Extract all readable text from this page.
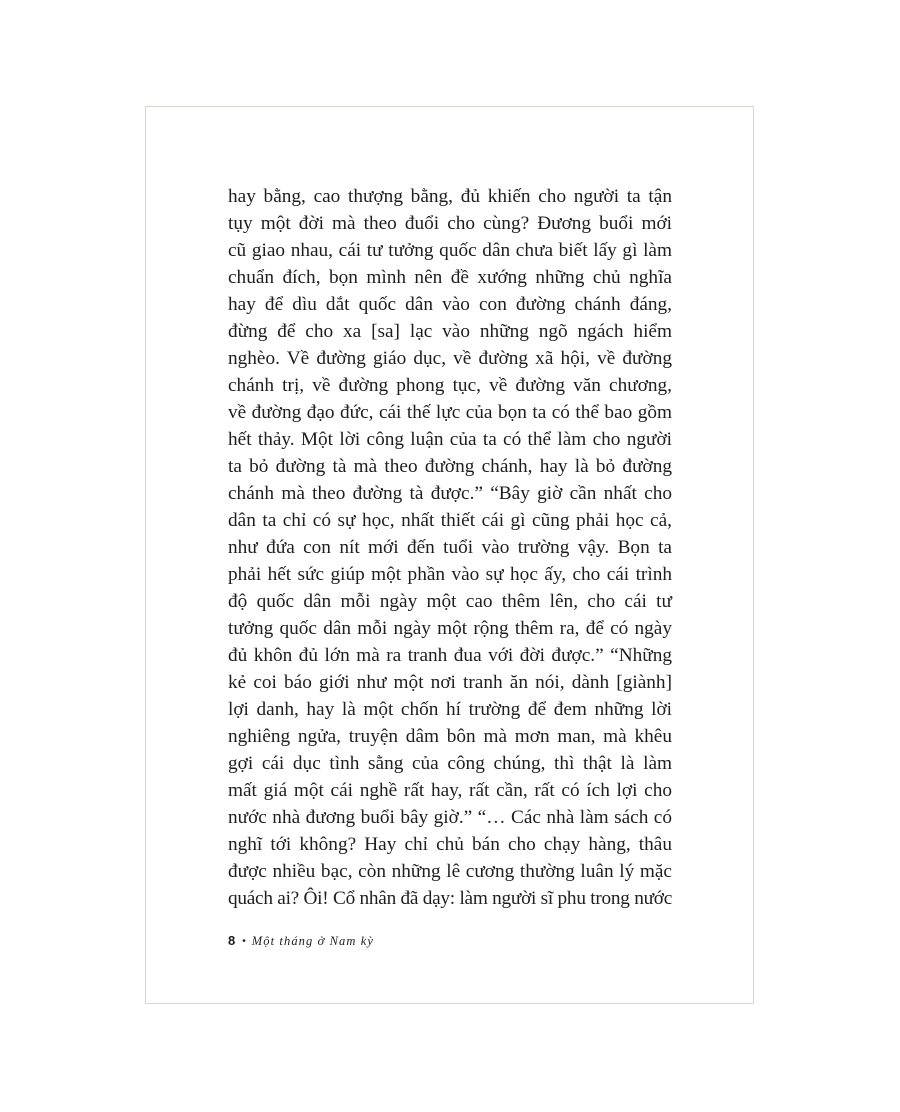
hay bằng, cao thượng bằng, đủ khiến cho người ta tận
tụy một đời mà theo đuổi cho cùng? Đương buổi mới
cũ giao nhau, cái tư tưởng quốc dân chưa biết lấy gì làm
chuẩn đích, bọn mình nên đề xướng những chủ nghĩa
hay để dìu dắt quốc dân vào con đường chánh đáng,
đừng để cho xa [sa] lạc vào những ngõ ngách hiểm
nghèo. Về đường giáo dục, về đường xã hội, về đường
chánh trị, về đường phong tục, về đường văn chương,
về đường đạo đức, cái thế lực của bọn ta có thể bao gồm
hết thảy. Một lời công luận của ta có thể làm cho người
ta bỏ đường tà mà theo đường chánh, hay là bỏ đường
chánh mà theo đường tà được.” “Bây giờ cần nhất cho
dân ta chỉ có sự học, nhất thiết cái gì cũng phải học cả,
như đứa con nít mới đến tuổi vào trường vậy. Bọn ta
phải hết sức giúp một phần vào sự học ấy, cho cái trình
độ quốc dân mỗi ngày một cao thêm lên, cho cái tư
tưởng quốc dân mỗi ngày một rộng thêm ra, để có ngày
đủ khôn đủ lớn mà ra tranh đua với đời được.” “Những
kẻ coi báo giới như một nơi tranh ăn nói, dành [giành]
lợi danh, hay là một chốn hí trường để đem những lời
nghiêng ngửa, truyện dâm bôn mà mơn man, mà khêu
gợi cái dục tình sằng của công chúng, thì thật là làm
mất giá một cái nghề rất hay, rất cần, rất có ích lợi cho
nước nhà đương buổi bây giờ.” “… Các nhà làm sách có
nghĩ tới không? Hay chỉ chủ bán cho chạy hàng, thâu
được nhiều bạc, còn những lê cương thường luân lý mặc
quách ai? Ôi! Cổ nhân đã dạy: làm người sĩ phu trong nước
8 • Một tháng ở Nam kỳ
